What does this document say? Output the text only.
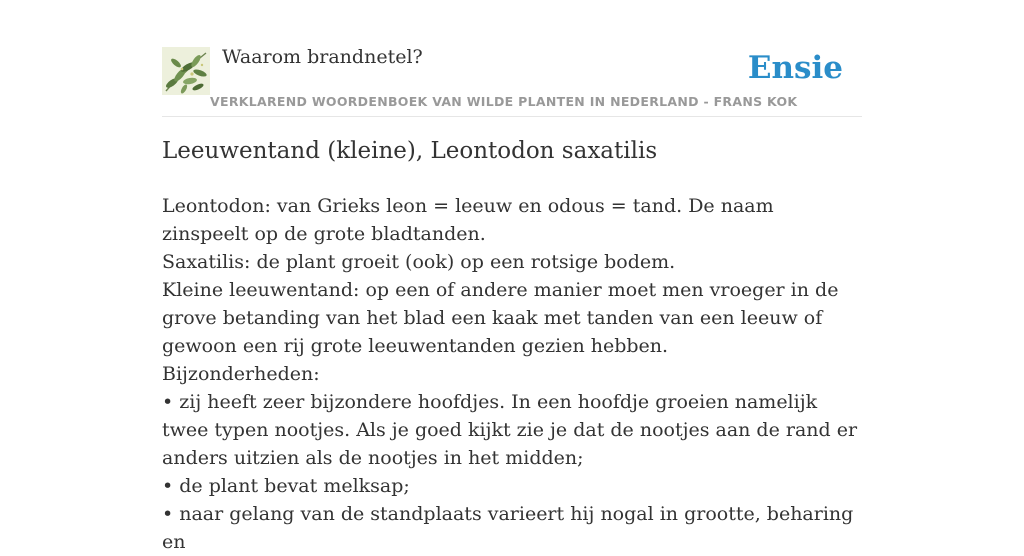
Waarom brandnetel?
VERKLAREND WOORDENBOEK VAN WILDE PLANTEN IN NEDERLAND - FRANS KOK
Ensie
Leeuwentand (kleine), Leontodon saxatilis

Leontodon: van Grieks leon = leeuw en odous = tand. De naam zinspeelt op de grote bladtanden.

Saxatilis: de plant groeit (ook) op een rotsige bodem.

Kleine leeuwentand: op een of andere manier moet men vroeger in de grove betanding van het blad een kaak met tanden van een leeuw of gewoon een rij grote leeuwentanden gezien hebben.

Bijzonderheden:

• zij heeft zeer bijzondere hoofdjes. In een hoofdje groeien namelijk twee typen nootjes. Als je goed kijkt zie je dat de nootjes aan de rand er anders uitzien als de nootjes in het midden;

• de plant bevat melksap;

• naar gelang van de standplaats varieert hij nogal in grootte, beharing en
